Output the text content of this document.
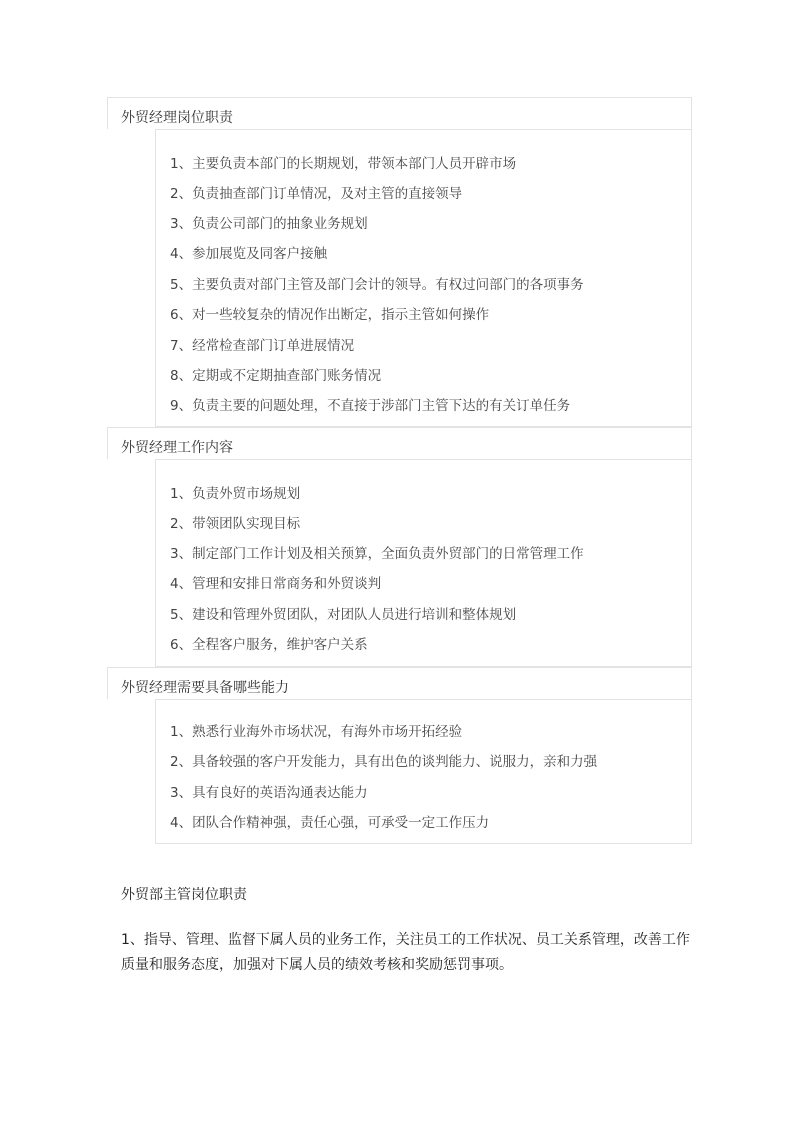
外贸经理岗位职责
1、主要负责本部门的长期规划，带领本部门人员开辟市场
2、负责抽查部门订单情况，及对主管的直接领导
3、负责公司部门的抽象业务规划
4、参加展览及同客户接触
5、主要负责对部门主管及部门会计的领导。有权过问部门的各项事务
6、对一些较复杂的情况作出断定，指示主管如何操作
7、经常检查部门订单进展情况
8、定期或不定期抽查部门账务情况
9、负责主要的问题处理，不直接于涉部门主管下达的有关订单任务
外贸经理工作内容
1、负责外贸市场规划
2、带领团队实现目标
3、制定部门工作计划及相关预算，全面负责外贸部门的日常管理工作
4、管理和安排日常商务和外贸谈判
5、建设和管理外贸团队，对团队人员进行培训和整体规划
6、全程客户服务，维护客户关系
外贸经理需要具备哪些能力
1、熟悉行业海外市场状况，有海外市场开拓经验
2、具备较强的客户开发能力，具有出色的谈判能力、说服力，亲和力强
3、具有良好的英语沟通表达能力
4、团队合作精神强，责任心强，可承受一定工作压力
外贸部主管岗位职责
1、指导、管理、监督下属人员的业务工作，关注员工的工作状况、员工关系管理，改善工作质量和服务态度，加强对下属人员的绩效考核和奖励惩罚事项。
